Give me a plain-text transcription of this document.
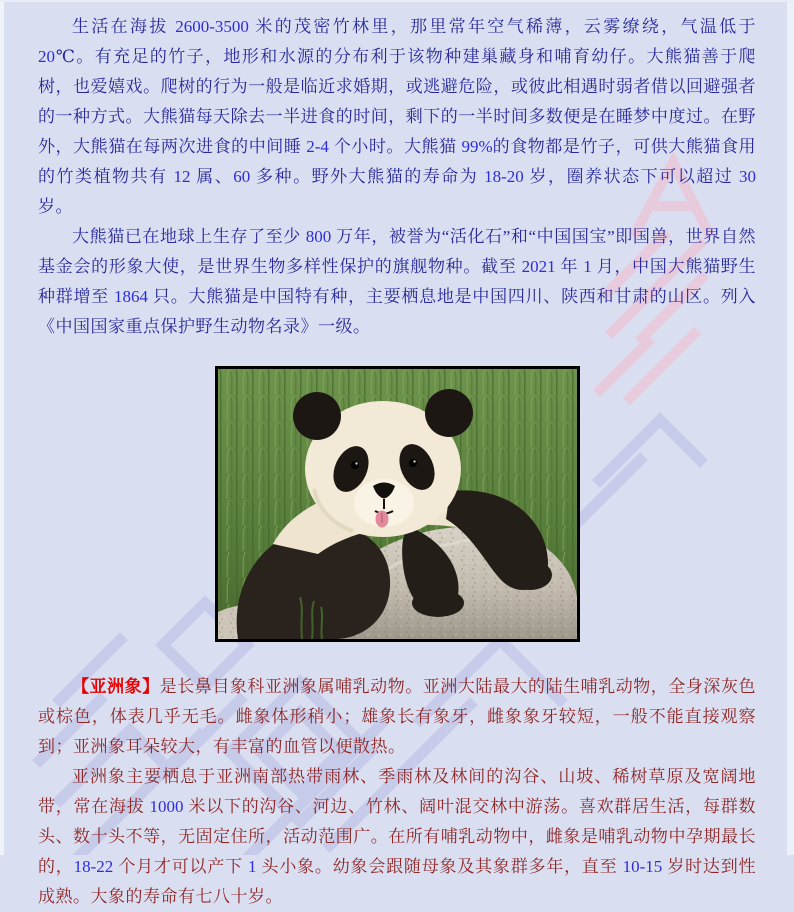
生活在海拔 2600-3500 米的茂密竹林里，那里常年空气稀薄，云雾缭绕，气温低于 20℃。有充足的竹子，地形和水源的分布利于该物种建巢藏身和哺育幼仔。大熊猫善于爬树，也爱嬉戏。爬树的行为一般是临近求婚期，或逃避危险，或彼此相遇时弱者借以回避强者的一种方式。大熊猫每天除去一半进食的时间，剩下的一半时间多数便是在睡梦中度过。在野外，大熊猫在每两次进食的中间睡 2-4 个小时。大熊猫 99%的食物都是竹子，可供大熊猫食用的竹类植物共有 12 属、60 多种。野外大熊猫的寿命为 18-20 岁，圈养状态下可以超过 30 岁。

大熊猫已在地球上生存了至少 800 万年，被誉为“活化石”和“中国国宝”即国兽，世界自然基金会的形象大使，是世界生物多样性保护的旗舰物种。截至 2021 年 1 月，中国大熊猫野生种群增至 1864 只。大熊猫是中国特有种，主要栖息地是中国四川、陕西和甘肃的山区。列入《中国国家重点保护野生动物名录》一级。

【亚洲象】是长鼻目象科亚洲象属哺乳动物。亚洲大陆最大的陆生哺乳动物，全身深灰色或棕色，体表几乎无毛。雌象体形稍小；雄象长有象牙，雌象象牙较短，一般不能直接观察到；亚洲象耳朵较大，有丰富的血管以便散热。

亚洲象主要栖息于亚洲南部热带雨林、季雨林及林间的沟谷、山坡、稀树草原及宽阔地带，常在海拔 1000 米以下的沟谷、河边、竹林、阔叶混交林中游荡。喜欢群居生活，每群数头、数十头不等，无固定住所，活动范围广。在所有哺乳动物中，雌象是哺乳动物中孕期最长的，18-22 个月才可以产下 1 头小象。幼象会跟随母象及其象群多年，直至 10-15 岁时达到性成熟。大象的寿命有七八十岁。
